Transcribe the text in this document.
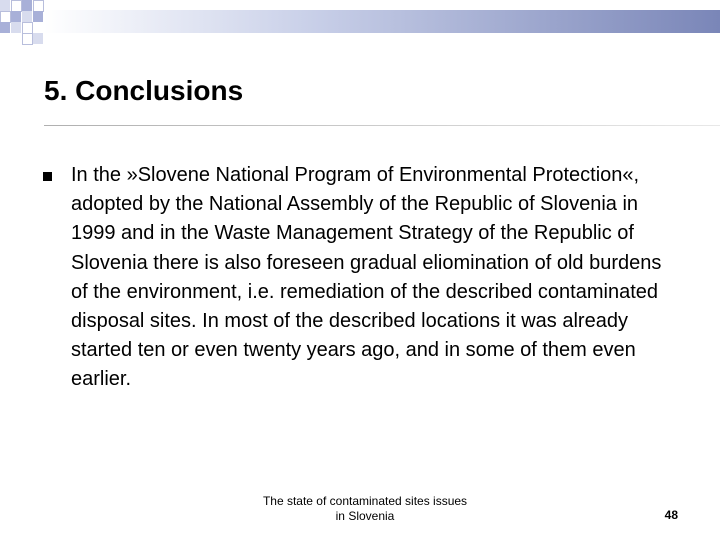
5. Conclusions

In the »Slovene National Program of Environmental Protection«, adopted by the National Assembly of the Republic of Slovenia in 1999 and in the Waste Management Strategy of the Republic of Slovenia there is also foreseen gradual eliomination of old burdens of the environment, i.e. remediation of the described contaminated disposal sites. In most of the described locations it was already started ten or even twenty years ago, and in some of them even earlier.

The state of contaminated sites issues
in Slovenia	48
